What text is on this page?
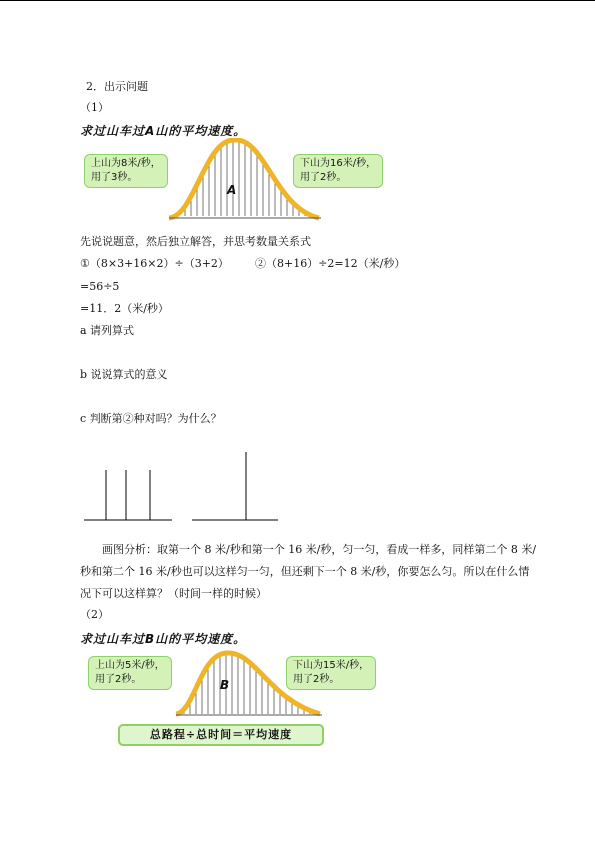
2．出示问题
（1）
求过山车过A山的平均速度。
A
上山为8米/秒，
用了3秒。
下山为16米/秒，
用了2秒。
先说说题意，然后独立解答，并思考数量关系式
①（8×3+16×2）÷（3+2） ②（8+16）÷2=12（米/秒）
=56÷5
=11．2（米/秒）
a 请列算式
b 说说算式的意义
c 判断第②种对吗？为什么？
画图分析：取第一个 8 米/秒和第一个 16 米/秒，匀一匀，看成一样多，同样第二个 8 米/
秒和第二个 16 米/秒也可以这样匀一匀，但还剩下一个 8 米/秒，你要怎么匀。所以在什么情
况下可以这样算？（时间一样的时候）
（2）
求过山车过B山的平均速度。
B
上山为5米/秒，
用了2秒。
下山为15米/秒，
用了2秒。
总路程÷总时间＝平均速度
